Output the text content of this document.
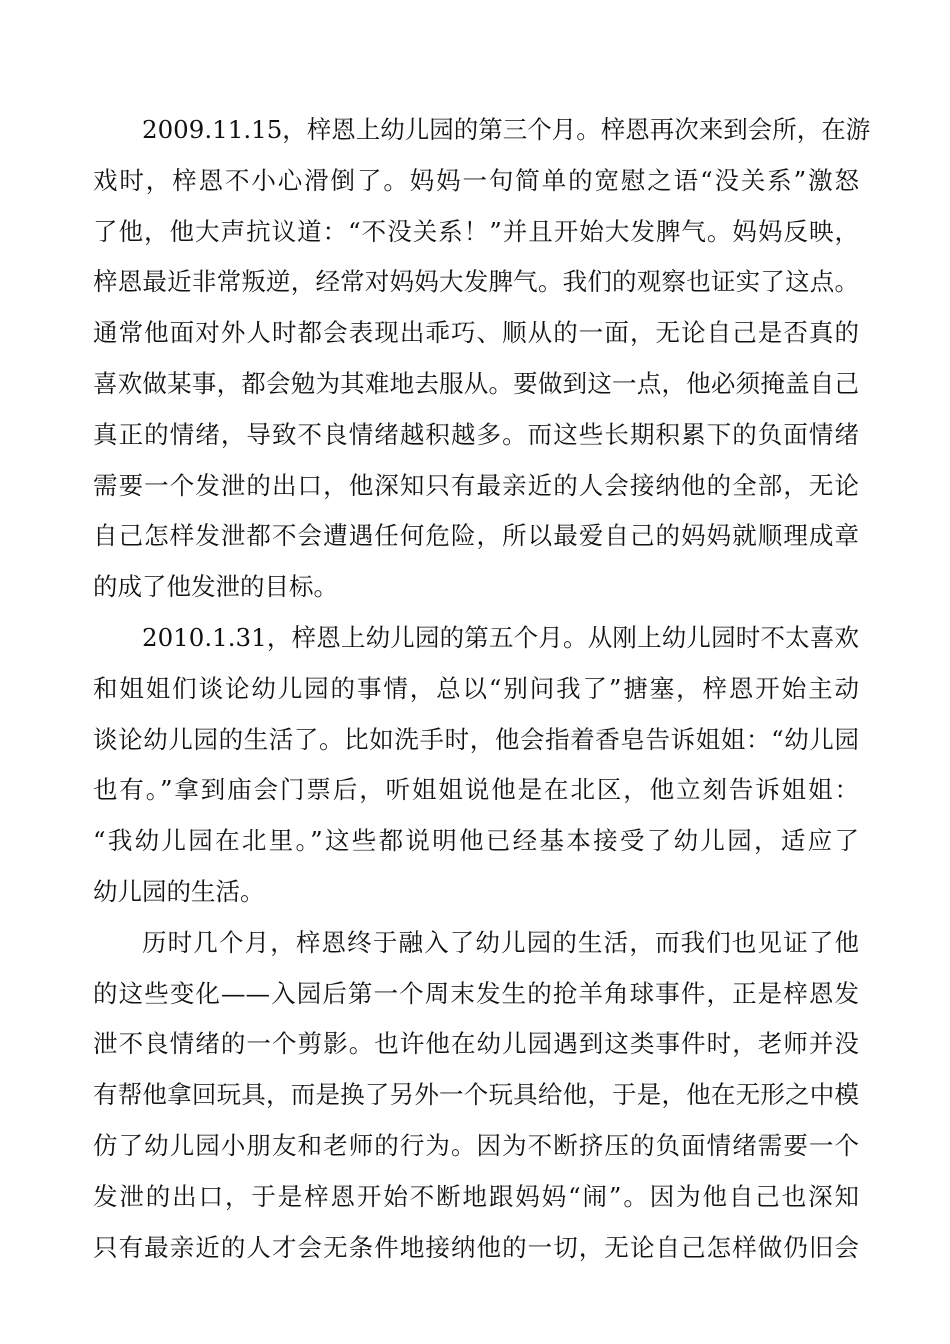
2009.11.15，梓恩上幼儿园的第三个月。梓恩再次来到会所，在游
戏时，梓恩不小心滑倒了。妈妈一句简单的宽慰之语“没关系”激怒
了他，他大声抗议道：“不没关系！”并且开始大发脾气。妈妈反映，
梓恩最近非常叛逆，经常对妈妈大发脾气。我们的观察也证实了这点。
通常他面对外人时都会表现出乖巧、顺从的一面，无论自己是否真的
喜欢做某事，都会勉为其难地去服从。要做到这一点，他必须掩盖自己
真正的情绪，导致不良情绪越积越多。而这些长期积累下的负面情绪
需要一个发泄的出口，他深知只有最亲近的人会接纳他的全部，无论
自己怎样发泄都不会遭遇任何危险，所以最爱自己的妈妈就顺理成章
的成了他发泄的目标。
2010.1.31，梓恩上幼儿园的第五个月。从刚上幼儿园时不太喜欢
和姐姐们谈论幼儿园的事情，总以“别问我了”搪塞，梓恩开始主动
谈论幼儿园的生活了。比如洗手时，他会指着香皂告诉姐姐：“幼儿园
也有。”拿到庙会门票后，听姐姐说他是在北区，他立刻告诉姐姐：
“我幼儿园在北里。”这些都说明他已经基本接受了幼儿园，适应了
幼儿园的生活。
历时几个月，梓恩终于融入了幼儿园的生活，而我们也见证了他
的这些变化——入园后第一个周末发生的抢羊角球事件，正是梓恩发
泄不良情绪的一个剪影。也许他在幼儿园遇到这类事件时，老师并没
有帮他拿回玩具，而是换了另外一个玩具给他，于是，他在无形之中模
仿了幼儿园小朋友和老师的行为。因为不断挤压的负面情绪需要一个
发泄的出口，于是梓恩开始不断地跟妈妈“闹”。因为他自己也深知
只有最亲近的人才会无条件地接纳他的一切，无论自己怎样做仍旧会
